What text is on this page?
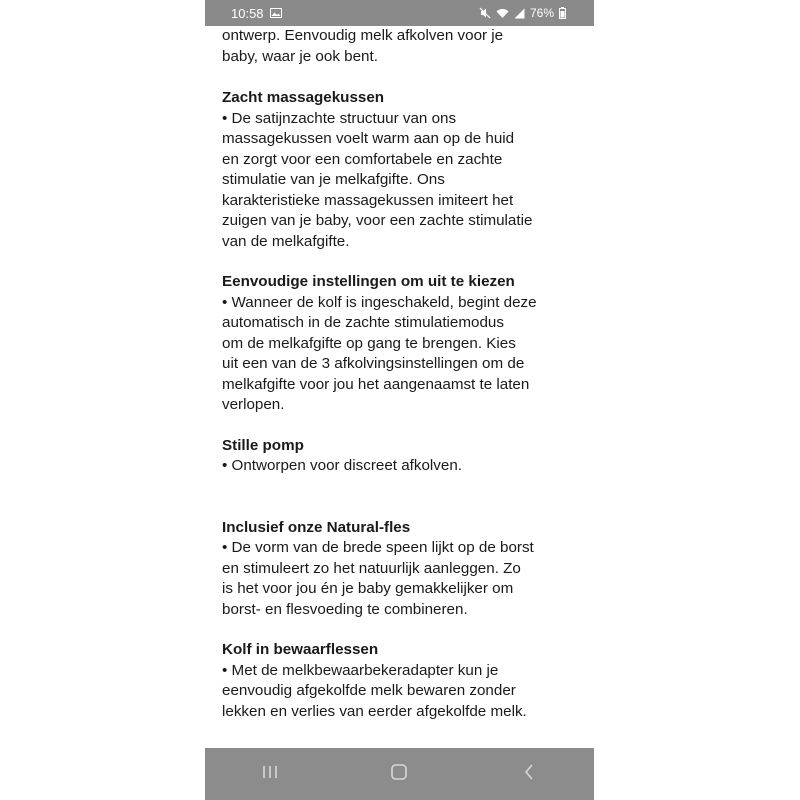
10:58	76%

ontwerp. Eenvoudig melk afkolven voor je

baby, waar je ook bent.

Zacht massagekussen

• De satijnzachte structuur van ons

massagekussen voelt warm aan op de huid

en zorgt voor een comfortabele en zachte

stimulatie van je melkafgifte. Ons

karakteristieke massagekussen imiteert het

zuigen van je baby, voor een zachte stimulatie

van de melkafgifte.

Eenvoudige instellingen om uit te kiezen

• Wanneer de kolf is ingeschakeld, begint deze

automatisch in de zachte stimulatiemodus

om de melkafgifte op gang te brengen. Kies

uit een van de 3 afkolvingsinstellingen om de

melkafgifte voor jou het aangenaamst te laten

verlopen.

Stille pomp

• Ontworpen voor discreet afkolven.

Inclusief onze Natural-fles

• De vorm van de brede speen lijkt op de borst

en stimuleert zo het natuurlijk aanleggen. Zo

is het voor jou én je baby gemakkelijker om

borst- en flesvoeding te combineren.

Kolf in bewaarflessen

• Met de melkbewaarbekeradapter kun je

eenvoudig afgekolfde melk bewaren zonder

lekken en verlies van eerder afgekolfde melk.
